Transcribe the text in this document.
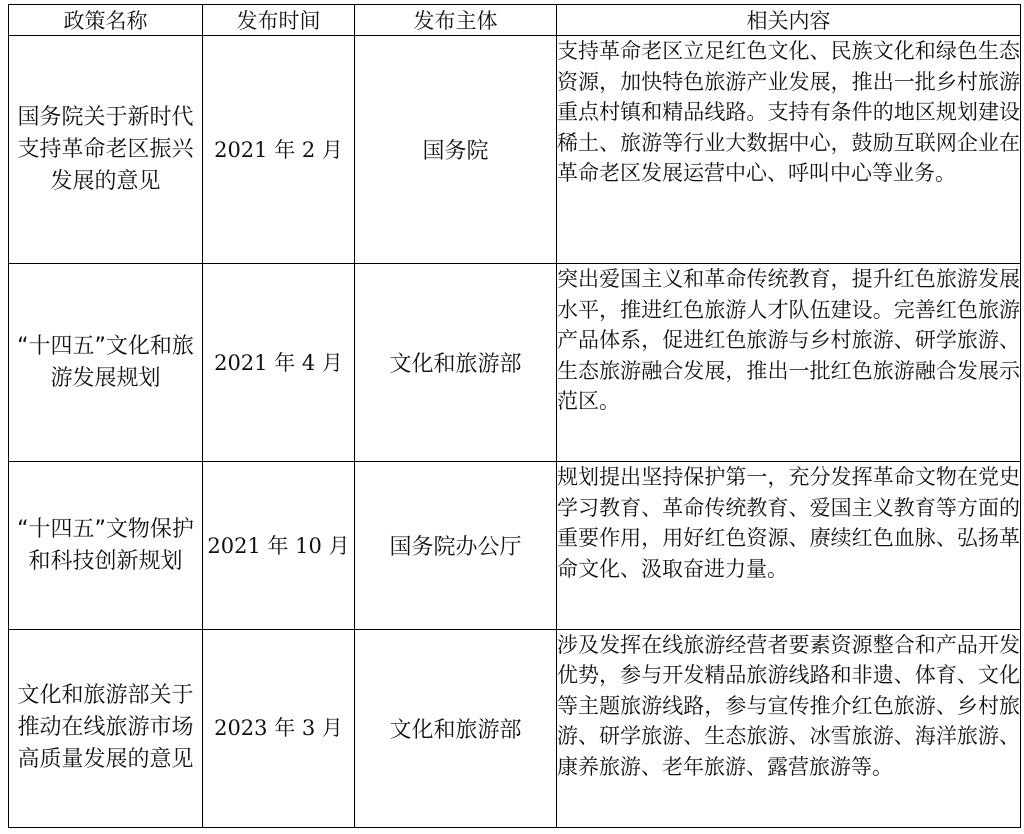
政策名称	发布时间	发布主体	相关内容
国务院关于新时代支持革命老区振兴发展的意见	2021 年 2 月	国务院	支持革命老区立足红色文化、民族文化和绿色生态资源，加快特色旅游产业发展，推出一批乡村旅游重点村镇和精品线路。支持有条件的地区规划建设稀土、旅游等行业大数据中心，鼓励互联网企业在革命老区发展运营中心、呼叫中心等业务。
“十四五”文化和旅游发展规划	2021 年 4 月	文化和旅游部	突出爱国主义和革命传统教育，提升红色旅游发展水平，推进红色旅游人才队伍建设。完善红色旅游产品体系，促进红色旅游与乡村旅游、研学旅游、生态旅游融合发展，推出一批红色旅游融合发展示范区。
“十四五”文物保护和科技创新规划	2021 年 10 月	国务院办公厅	规划提出坚持保护第一，充分发挥革命文物在党史学习教育、革命传统教育、爱国主义教育等方面的重要作用，用好红色资源、赓续红色血脉、弘扬革命文化、汲取奋进力量。
文化和旅游部关于推动在线旅游市场高质量发展的意见	2023 年 3 月	文化和旅游部	涉及发挥在线旅游经营者要素资源整合和产品开发优势，参与开发精品旅游线路和非遗、体育、文化等主题旅游线路，参与宣传推介红色旅游、乡村旅游、研学旅游、生态旅游、冰雪旅游、海洋旅游、康养旅游、老年旅游、露营旅游等。
